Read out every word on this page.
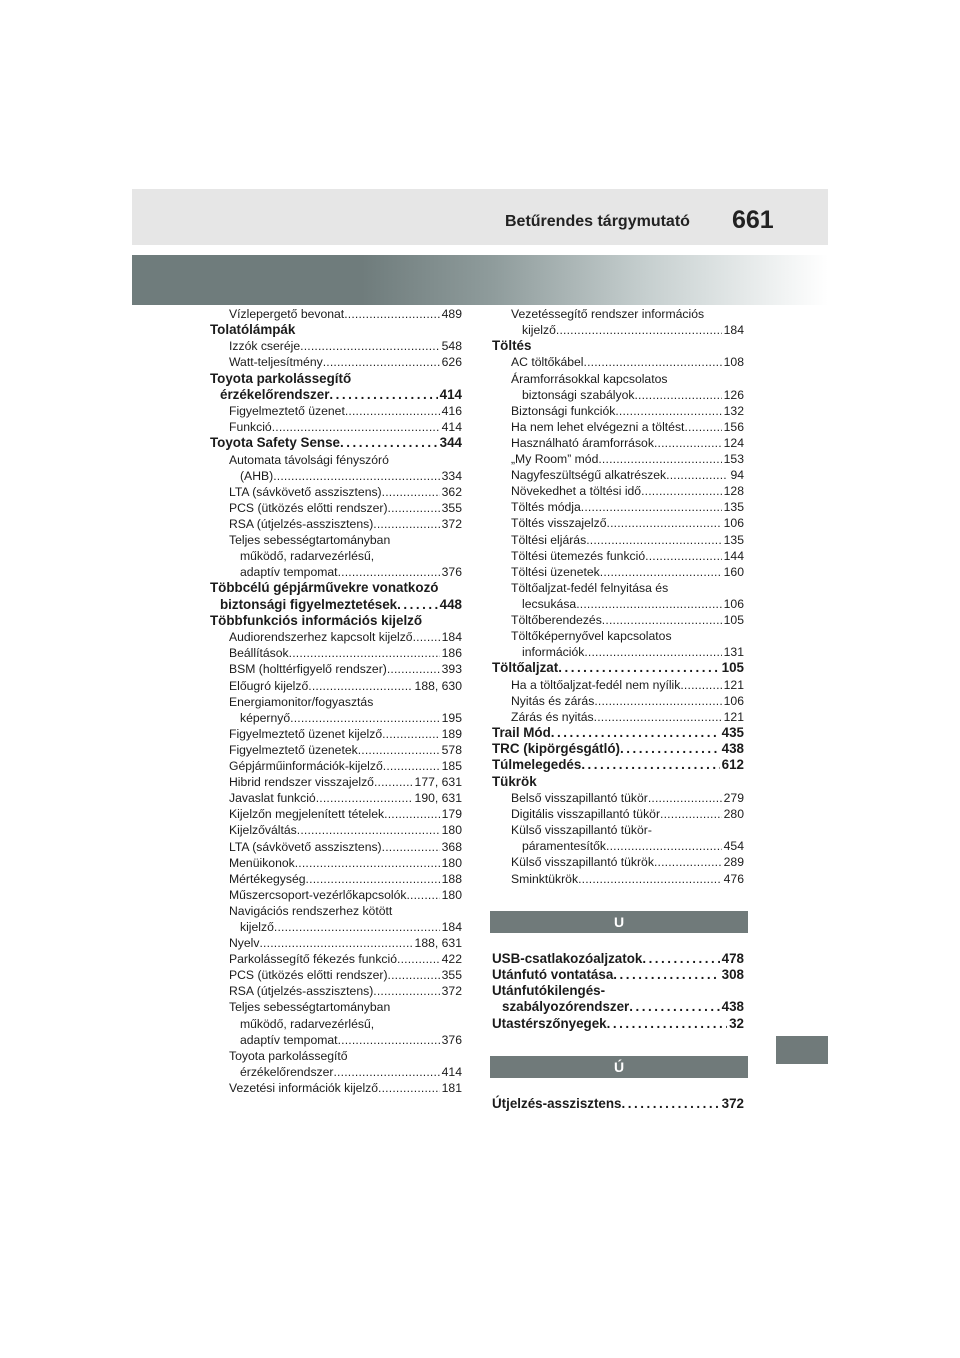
Betűrendes tárgymutató 661
Vízlepergető bevonat . . .	489
Tolatólámpák
Izzók cseréje . . .	548
Watt-teljesítmény . . .	626
Toyota parkolássegítő
érzékelőrendszer . . .	414
Figyelmeztető üzenet . . .	416
Funkció . . .	414
Toyota Safety Sense . . .	344
Automata távolsági fényszóró
(AHB) . . .	334
LTA (sávkövető asszisztens) . . .	362
PCS (ütközés előtti rendszer) . . .	355
RSA (útjelzés-asszisztens) . . .	372
Teljes sebességtartományban
működő, radarvezérlésű,
adaptív tempomat . . .	376
Többcélú gépjárművekre vonatkozó
biztonsági figyelmeztetések . . .	448
Többfunkciós információs kijelző
Audiorendszerhez kapcsolt kijelző . . . 184
Beállítások . . .	186
BSM (holttérfigyelő rendszer) . . .	393
Előugró kijelző . . .	188, 630
Energiamonitor/fogyasztás
képernyő . . .	195
Figyelmeztető üzenet kijelző . . .	189
Figyelmeztető üzenetek . . .	578
Gépjárműinformációk-kijelző . . .	185
Hibrid rendszer visszajelző . . .	177, 631
Javaslat funkció . . .	190, 631
Kijelzőn megjelenített tételek . . .	179
Kijelzőváltás . . .	180
LTA (sávkövető asszisztens) . . .	368
Menüikonok . . .	180
Mértékegység . . .	188
Műszercsoport-vezérlőkapcsolók . . .	180
Navigációs rendszerhez kötött
kijelző . . .	184
Nyelv . . .	188, 631
Parkolássegítő fékezés funkció . . .	422
PCS (ütközés előtti rendszer) . . .	355
RSA (útjelzés-asszisztens) . . .	372
Teljes sebességtartományban
működő, radarvezérlésű,
adaptív tempomat . . .	376
Toyota parkolássegítő
érzékelőrendszer . . .	414
Vezetési információk kijelző . . .	181
Vezetéssegítő rendszer információs
kijelző . . .	184
Töltés
AC töltőkábel . . .	108
Áramforrásokkal kapcsolatos
biztonsági szabályok . . .	126
Biztonsági funkciók . . .	132
Ha nem lehet elvégezni a töltést . . .	156
Használható áramforrások . . .	124
„My Room” mód . . .	153
Nagyfeszültségű alkatrészek . . .	94
Növekedhet a töltési idő . . .	128
Töltés módja . . .	135
Töltés visszajelző . . .	106
Töltési eljárás . . .	135
Töltési ütemezés funkció . . .	144
Töltési üzenetek . . .	160
Töltőaljzat-fedél felnyitása és
lecsukása . . .	106
Töltőberendezés . . .	105
Töltőképernyővel kapcsolatos
információk . . .	131
Töltőaljzat . . .	105
Ha a töltőaljzat-fedél nem nyílik . . .	121
Nyitás és zárás . . .	106
Zárás és nyitás . . .	121
Trail Mód . . .	435
TRC (kipörgésgátló) . . .	438
Túlmelegedés . . .	612
Tükrök
Belső visszapillantó tükör . . .	279
Digitális visszapillantó tükör . . .	280
Külső visszapillantó tükör-
páramentesítők . . .	454
Külső visszapillantó tükrök . . .	289
Sminktükrök . . .	476
U
USB-csatlakozóaljzatok . . .	478
Utánfutó vontatása . . .	308
Utánfutókilengés-
szabályozórendszer . . .	438
Utastérszőnyegek . . .	32
Ú
Útjelzés-asszisztens . . .	372
